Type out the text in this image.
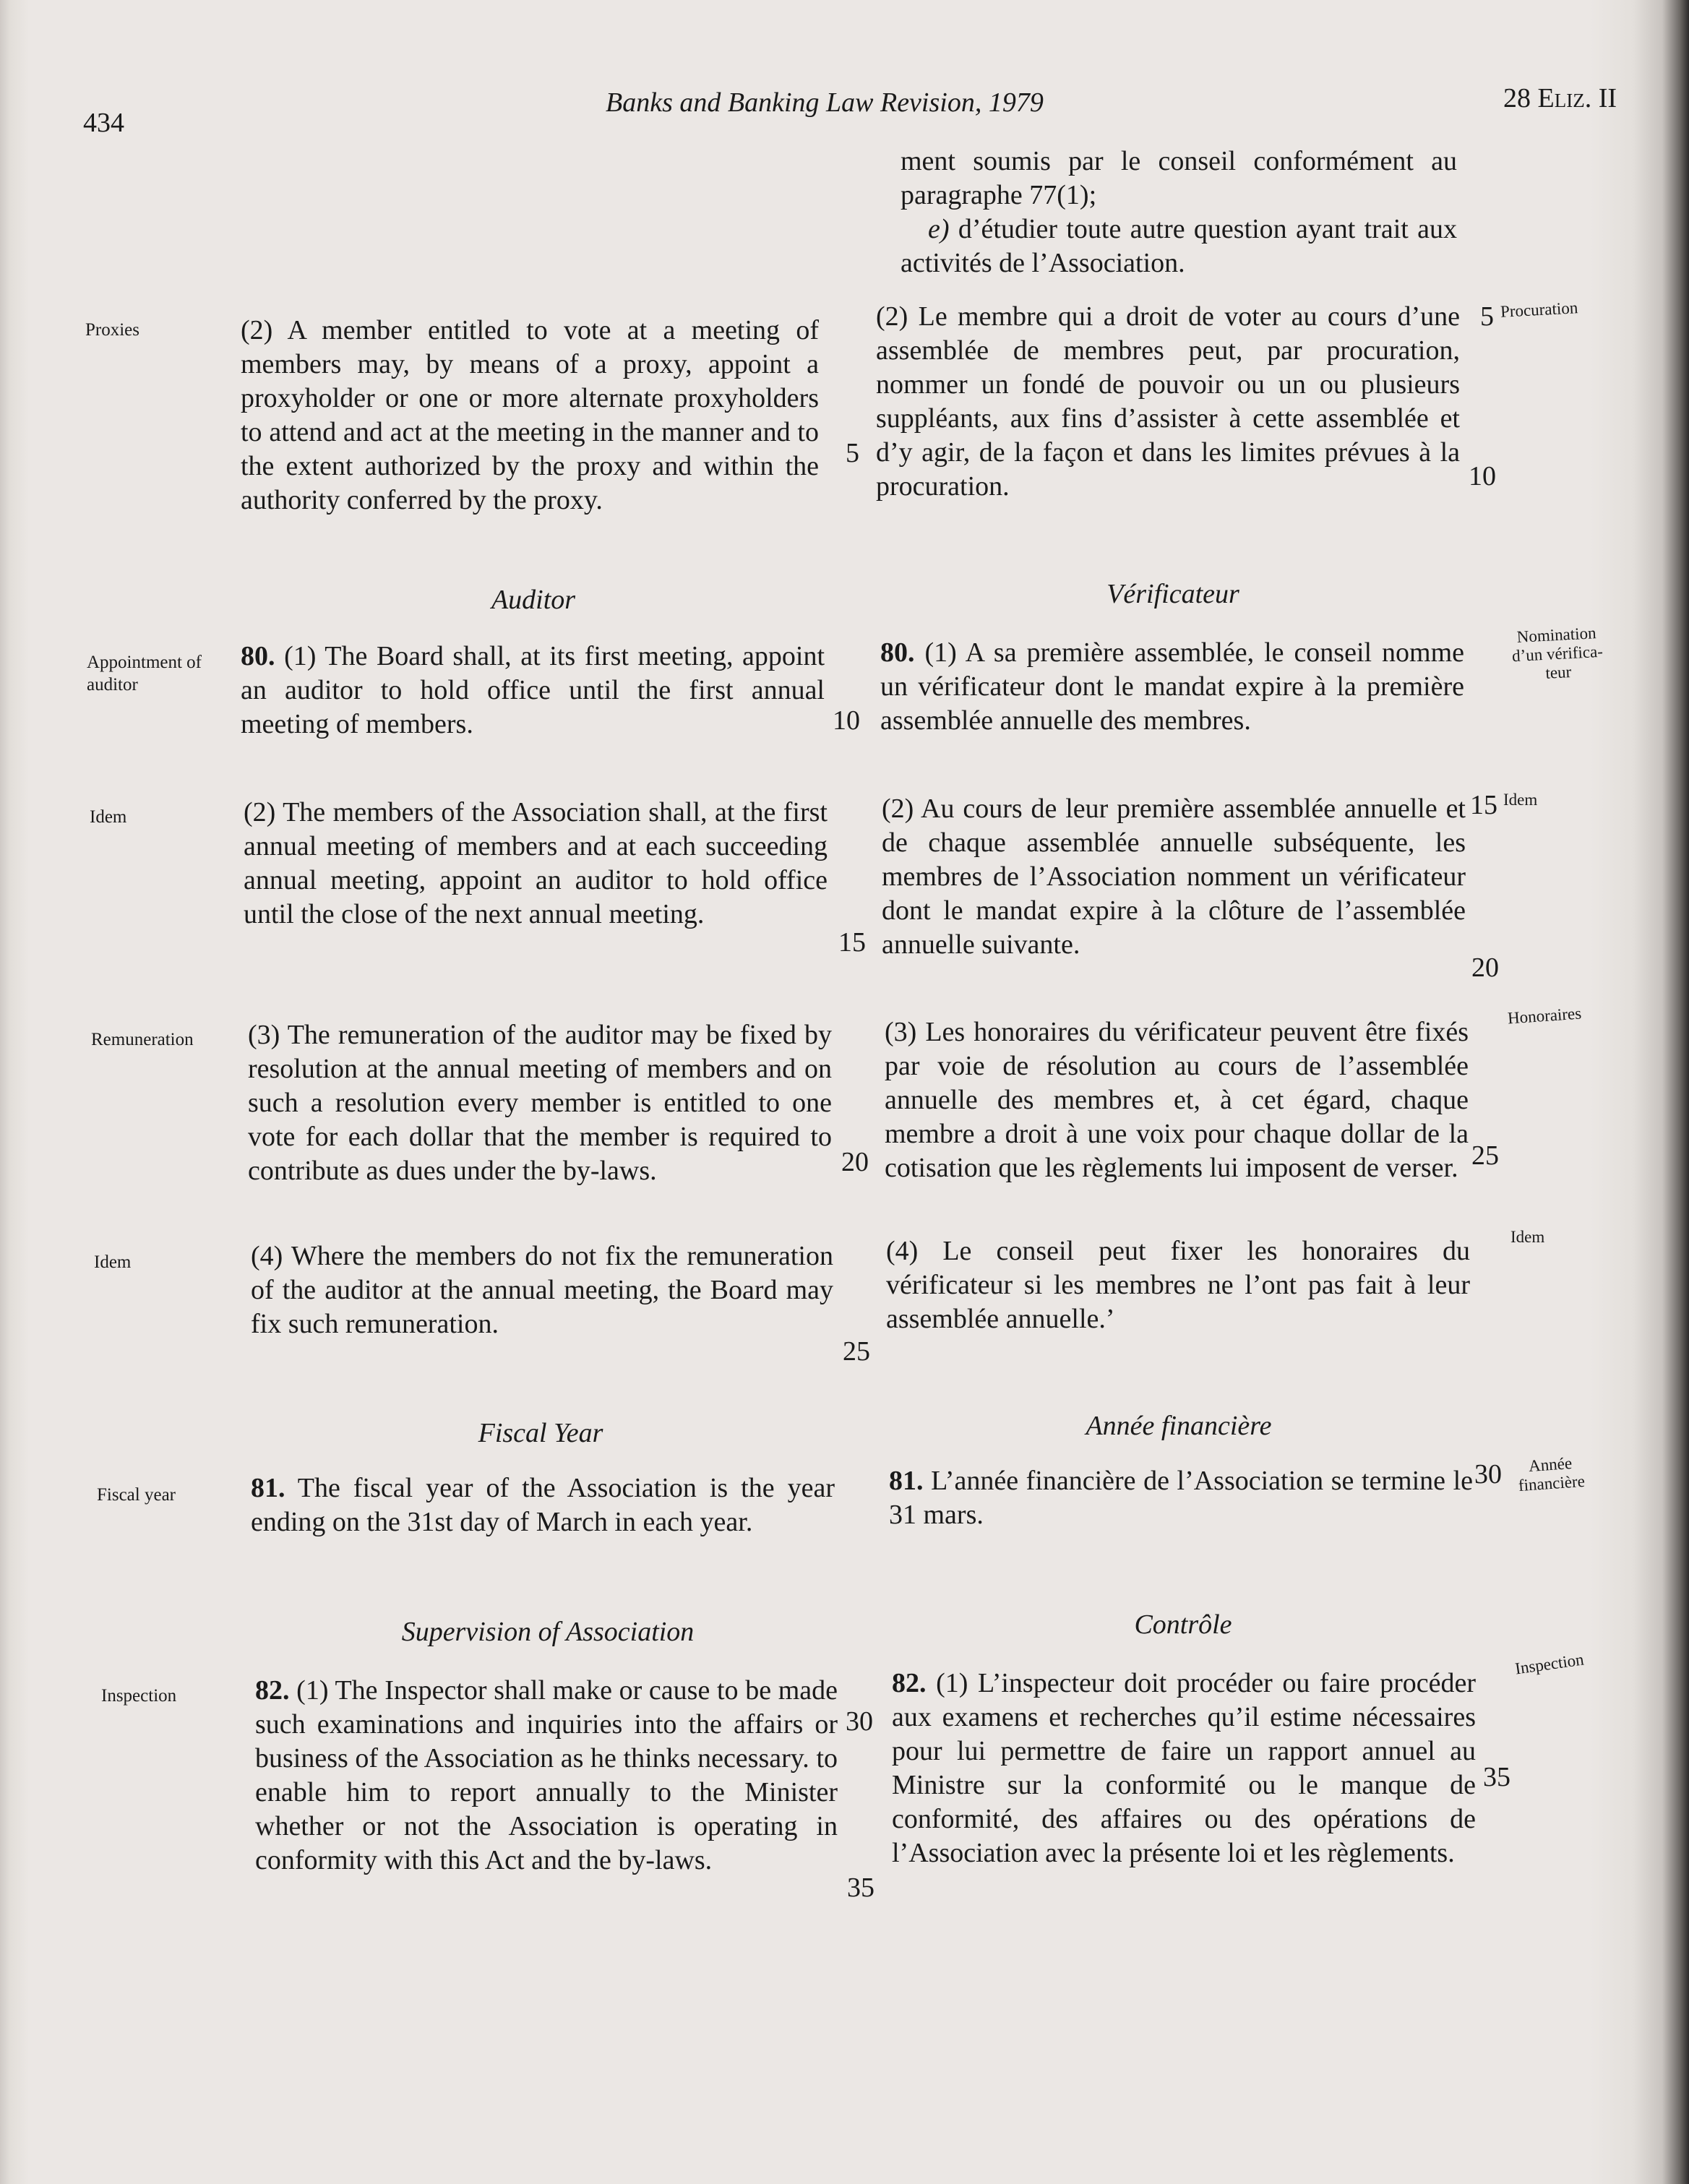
434
Banks and Banking Law Revision, 1979	28 Eliz. II
Proxies
Appointment of auditor
Idem
Remuneration
Idem
Fiscal year
Inspection
(2) A member entitled to vote at a meeting of members may, by means of a proxy, appoint a proxyholder or one or more alternate proxyholders to attend and act at the meeting in the manner and to the extent authorized by the proxy and within the authority conferred by the proxy.
Auditor
80. (1) The Board shall, at its first meeting, appoint an auditor to hold office until the first annual meeting of members.
(2) The members of the Association shall, at the first annual meeting of members and at each succeeding annual meeting, appoint an auditor to hold office until the close of the next annual meeting.
(3) The remuneration of the auditor may be fixed by resolution at the annual meeting of members and on such a resolution every member is entitled to one vote for each dollar that the member is required to contribute as dues under the by-laws.
(4) Where the members do not fix the remuneration of the auditor at the annual meeting, the Board may fix such remuneration.
Fiscal Year
81. The fiscal year of the Association is the year ending on the 31st day of March in each year.
Supervision of Association
82. (1) The Inspector shall make or cause to be made such examinations and inquiries into the affairs or business of the Association as he thinks necessary. to enable him to report annually to the Minister whether or not the Association is operating in conformity with this Act and the by-laws.
5
10
15
20
25
30
35
ment soumis par le conseil conformément au paragraphe 77(1);
e) d’étudier toute autre question ayant trait aux activités de l’Association.
(2) Le membre qui a droit de voter au cours d’une assemblée de membres peut, par procuration, nommer un fondé de pouvoir ou un ou plusieurs suppléants, aux fins d’assister à cette assemblée et d’y agir, de la façon et dans les limites prévues à la procuration.
Vérificateur
80. (1) A sa première assemblée, le conseil nomme un vérificateur dont le mandat expire à la première assemblée annuelle des membres.
(2) Au cours de leur première assemblée annuelle et de chaque assemblée annuelle subséquente, les membres de l’Association nomment un vérificateur dont le mandat expire à la clôture de l’assemblée annuelle suivante.
(3) Les honoraires du vérificateur peuvent être fixés par voie de résolution au cours de l’assemblée annuelle des membres et, à cet égard, chaque membre a droit à une voix pour chaque dollar de la cotisation que les règlements lui imposent de verser.
(4) Le conseil peut fixer les honoraires du vérificateur si les membres ne l’ont pas fait à leur assemblée annuelle.’
Année financière
81. L’année financière de l’Association se termine le 31 mars.
Contrôle
82. (1) L’inspecteur doit procéder ou faire procéder aux examens et recherches qu’il estime nécessaires pour lui permettre de faire un rapport annuel au Ministre sur la conformité ou le manque de conformité, des affaires ou des opérations de l’Association avec la présente loi et les règlements.
5
10
15
20
25
30
35
Procuration
Nomination d’un vérifica-teur
Idem
Honoraires
Idem
Année financière
Inspection
